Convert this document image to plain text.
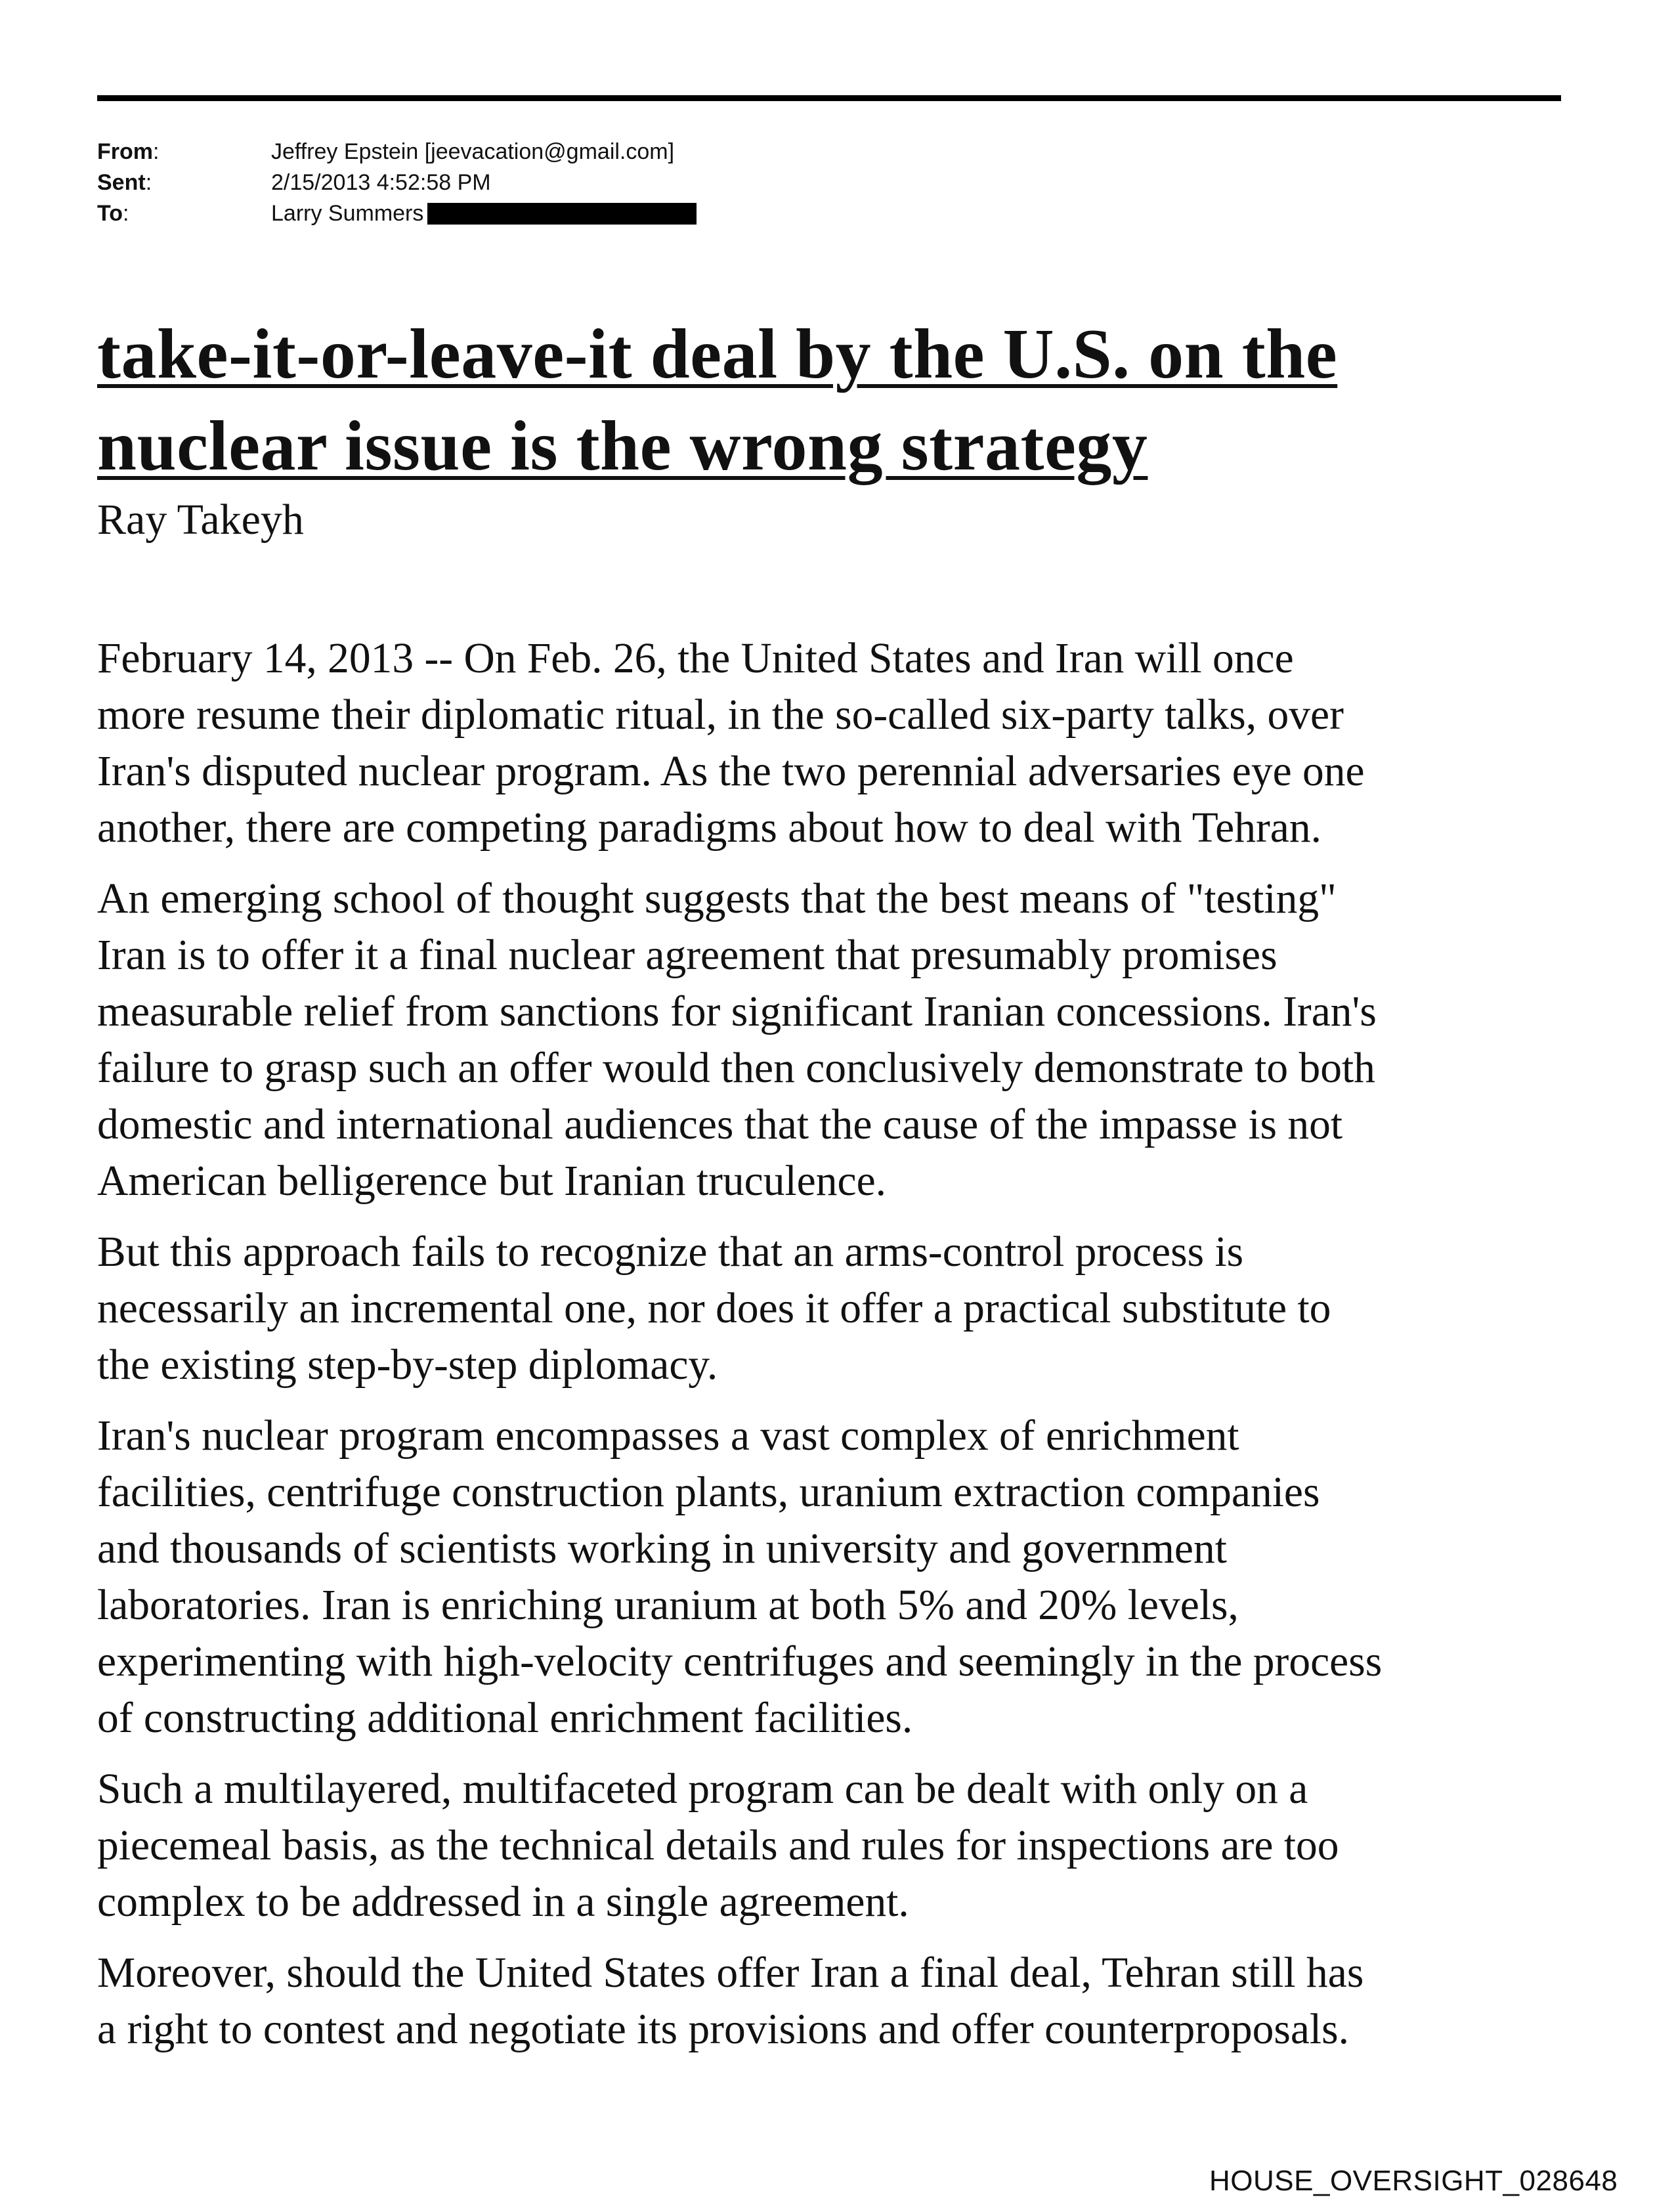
From:	Jeffrey Epstein [jeevacation@gmail.com]
Sent:	2/15/2013 4:52:58 PM
To:	Larry Summers
take-it-or-leave-it deal by the U.S. on the
nuclear issue is the wrong strategy
Ray Takeyh

February 14, 2013 -- On Feb. 26, the United States and Iran will once
more resume their diplomatic ritual, in the so-called six-party talks, over
Iran's disputed nuclear program. As the two perennial adversaries eye one
another, there are competing paradigms about how to deal with Tehran.

An emerging school of thought suggests that the best means of "testing"
Iran is to offer it a final nuclear agreement that presumably promises
measurable relief from sanctions for significant Iranian concessions. Iran's
failure to grasp such an offer would then conclusively demonstrate to both
domestic and international audiences that the cause of the impasse is not
American belligerence but Iranian truculence.

But this approach fails to recognize that an arms-control process is
necessarily an incremental one, nor does it offer a practical substitute to
the existing step-by-step diplomacy.

Iran's nuclear program encompasses a vast complex of enrichment
facilities, centrifuge construction plants, uranium extraction companies
and thousands of scientists working in university and government
laboratories. Iran is enriching uranium at both 5% and 20% levels,
experimenting with high-velocity centrifuges and seemingly in the process
of constructing additional enrichment facilities.

Such a multilayered, multifaceted program can be dealt with only on a
piecemeal basis, as the technical details and rules for inspections are too
complex to be addressed in a single agreement.

Moreover, should the United States offer Iran a final deal, Tehran still has
a right to contest and negotiate its provisions and offer counterproposals.

HOUSE_OVERSIGHT_028648
